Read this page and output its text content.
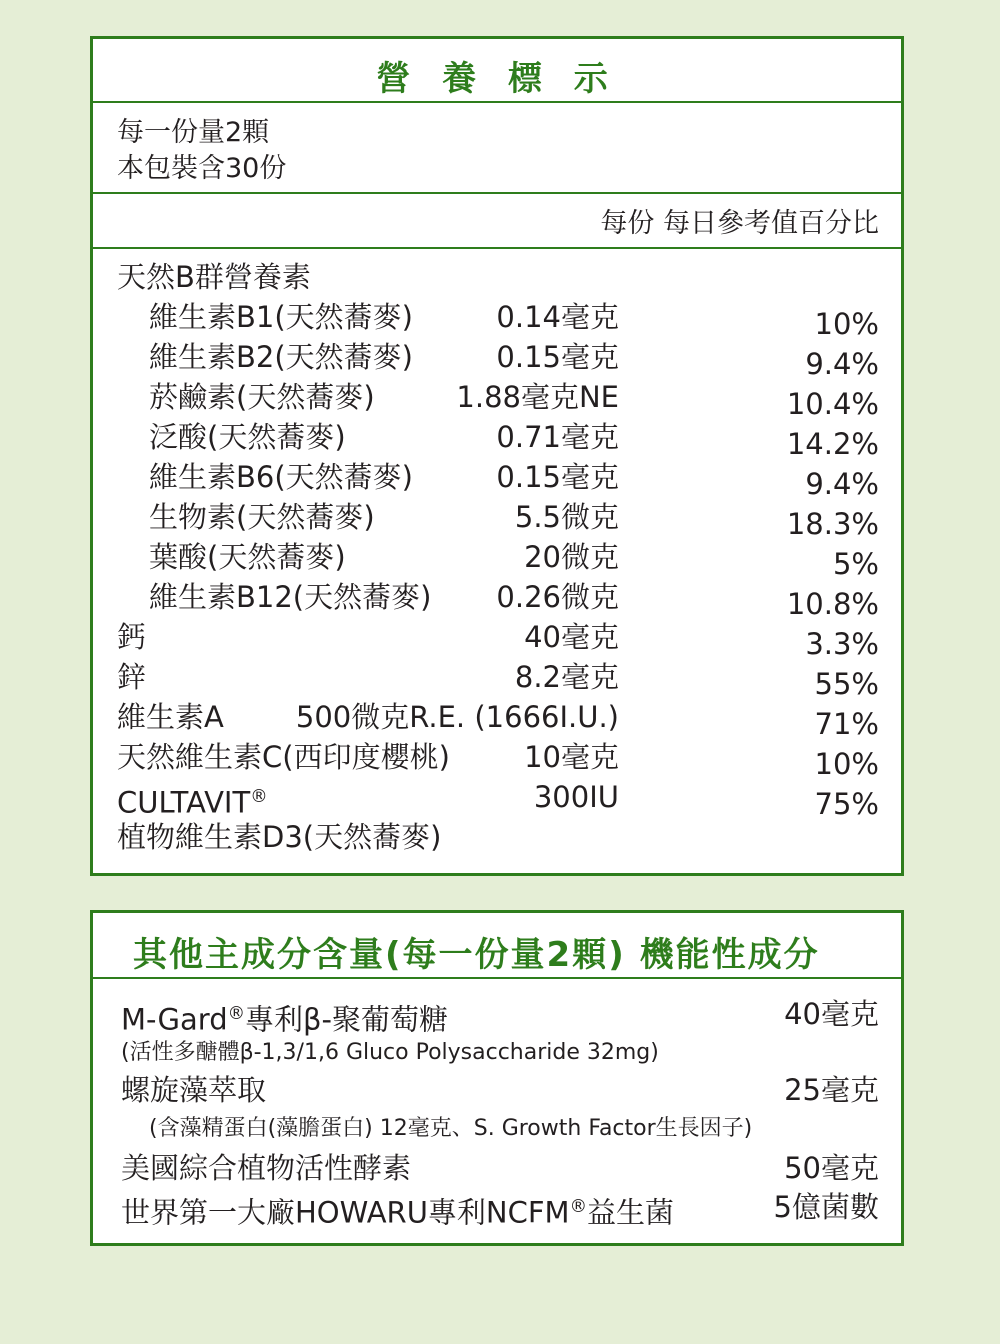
營 養 標 示
每一份量2顆
本包裝含30份
每份 每日參考值百分比
天然B群營養素
維生素B1(天然蕎麥)	0.14毫克	10%
維生素B2(天然蕎麥)	0.15毫克	9.4%
菸鹼素(天然蕎麥)	1.88毫克NE	10.4%
泛酸(天然蕎麥)	0.71毫克	14.2%
維生素B6(天然蕎麥)	0.15毫克	9.4%
生物素(天然蕎麥)	5.5微克	18.3%
葉酸(天然蕎麥)	20微克	5%
維生素B12(天然蕎麥) 0.26微克	10.8%
鈣	40毫克	3.3%
鋅	8.2毫克	55%
維生素A 500微克R.E. (1666I.U.)	71%
天然維生素C(西印度櫻桃)	10毫克	10%
CULTAVIT®	300IU	75%
植物維生素D3(天然蕎麥)
其他主成分含量(每一份量2顆) 機能性成分
M-Gard®專利β-聚葡萄糖	40毫克
(活性多醣體β-1,3/1,6 Gluco Polysaccharide 32mg)
螺旋藻萃取	25毫克
(含藻精蛋白(藻膽蛋白) 12毫克、S. Growth Factor生長因子)
美國綜合植物活性酵素	50毫克
世界第一大廠HOWARU專利NCFM®益生菌	5億菌數
